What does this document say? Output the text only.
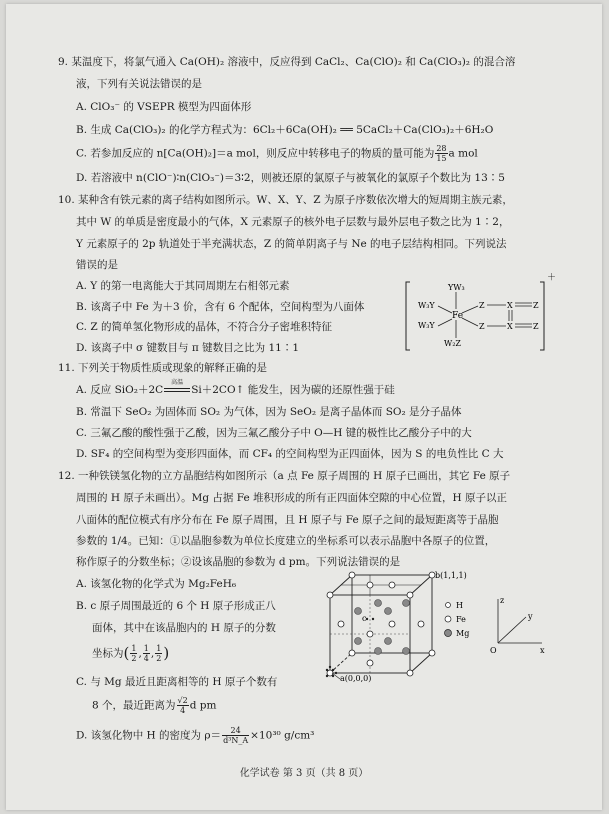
9. 某温度下，将氯气通入 Ca(OH)₂ 溶液中，反应得到 CaCl₂、Ca(ClO)₂ 和 Ca(ClO₃)₂ 的混合溶
液，下列有关说法错误的是
A. ClO₃⁻ 的 VSEPR 模型为四面体形
B. 生成 Ca(ClO₃)₂ 的化学方程式为：6Cl₂＋6Ca(OH)₂ ══ 5CaCl₂＋Ca(ClO₃)₂＋6H₂O
C. 若参加反应的 n[Ca(OH)₂]＝a mol，则反应中转移电子的物质的量可能为 $\frac{28}{15}$ a mol
D. 若溶液中 n(ClO⁻)∶n(ClO₃⁻)＝3∶2，则被还原的氯原子与被氧化的氯原子个数比为 13∶5
10. 某种含有铁元素的离子结构如图所示。W、X、Y、Z 为原子序数依次增大的短周期主族元素，
其中 W 的单质是密度最小的气体，X 元素原子的核外电子层数与最外层电子数之比为 1∶2，
Y 元素原子的 2p 轨道处于半充满状态，Z 的简单阴离子与 Ne 的电子层结构相同。下列说法
错误的是
A. Y 的第一电离能大于其同周期左右相邻元素
B. 该离子中 Fe 为＋3 价，含有 6 个配体，空间构型为八面体
C. Z 的简单氢化物形成的晶体，不符合分子密堆积特征
D. 该离子中 σ 键数目与 π 键数目之比为 11∶1
＋
YW₃
W₃Y
W₃Y
Fe
W₂Z
Z	X	Z
Z	X	Z
11. 下列关于物质性质或现象的解释正确的是
A. 反应 SiO₂＋2C
高温
Si＋2CO↑ 能发生，因为碳的还原性强于硅
B. 常温下 SeO₂ 为固体而 SO₂ 为气体，因为 SeO₂ 是离子晶体而 SO₂ 是分子晶体
C. 三氟乙酸的酸性强于乙酸，因为三氟乙酸分子中 O—H 键的极性比乙酸分子中的大
D. SF₄ 的空间构型为变形四面体，而 CF₄ 的空间构型为正四面体，因为 S 的电负性比 C 大
12. 一种铁镁氢化物的立方晶胞结构如图所示（a 点 Fe 原子周围的 H 原子已画出，其它 Fe 原子
周围的 H 原子未画出）。Mg 占据 Fe 堆积形成的所有正四面体空隙的中心位置，H 原子以正
八面体的配位模式有序分布在 Fe 原子周围，且 H 原子与 Fe 原子之间的最短距离等于晶胞
参数的 1/4。已知：①以晶胞参数为单位长度建立的坐标系可以表示晶胞中各原子的位置，
称作原子的分数坐标；②设该晶胞的参数为 d pm。下列说法错误的是
A. 该氢化物的化学式为 Mg₂FeH₆
B. c 原子周围最近的 6 个 H 原子形成正八
面体，其中在该晶胞内的 H 原子的分数
坐标为( $\frac{1}{2}$ , $\frac{1}{4}$ , $\frac{1}{2}$ )
C. 与 Mg 最近且距离相等的 H 原子个数有
8 个，最近距离为 $\frac{√2}{4}$ d pm
D. 该氢化物中 H 的密度为 $\rho= \frac{24}{\text{d³N\_A}} \times 10^{30}$ g/cm³
c
b(1,1,1)
a(0,0,0)
H
Fe
Mg
z
y
x
O
化学试卷 第 3 页（共 8 页）
